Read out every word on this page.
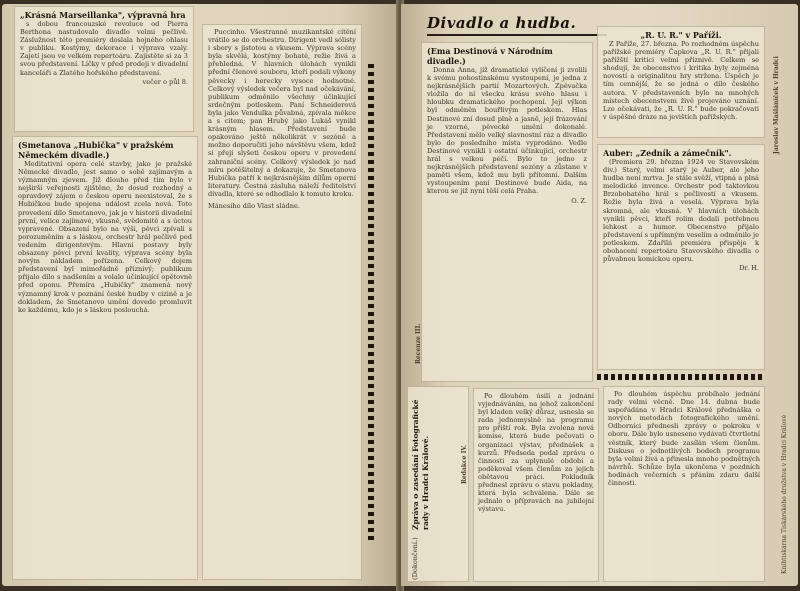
„Krásná Marseillanka", výpravná hra

s dobou francouzské revoluce od Pierra Berthona nastudovalo divadlo velmi pečlivě. Záslužnost této premiéry doslala hojného ohlasu v publiku. Kostýmy, dekorace i výprava vzaly. Zajetí jsou ve velkém repertoáru. Zajistěte si za 3 svou představení. Líčky v před prodeji v divadelní kanceláři a Zlatého hořského představení.

večer o půl 8.
(Smetanova „Hubička" v pražském Německém divadle.)

Meditativní opera celé stavby, jako je pražské Německé divadlo, jest samo o sobě zajímavým a významným zjevem. Již dlouho před tím bylo v nejširší veřejnosti zjištěno, že dosud rozhodný a opravdový zájem o českou operu neexistoval, že s Hubičkou bude spojena událost zcela nová. Toto provedení dílo Smetanovo, jak je v historii divadelní první, velice zajímavé, vkusně, svědomitě a s úctou vypravené. Obsazení bylo na výši, pěvci zpívali s porozuměním a s láskou, orchestr hrál pečlivě pod vedením dirigentovým. Hlavní postavy byly obsazeny pěvci první kvality, výprava scény byla novým nákladem pořízena. Celkový dojem představení byl mimořádně příznivý; publikum přijalo dílo s nadšením a volalo účinkující opětovně před oponu. Přemíra „Hubičky" znamená nový významný krok v poznání české hudby v cizině a je dokladem, že Smetanovo umění dovede promluvit ke každému, kdo je s láskou poslouchá.

Puccinho. Všestranně muzikantské cítění vrátilo se do orchestru. Dirigent vedl sólisty i sbory s jistotou a vkusem. Výprava scény byla skvělá, kostýmy bohaté, režie živá a přehledná. V hlavních úlohách vynikli přední členové souboru, kteří podali výkony pěvecky i herecky vysoce hodnotné. Celkový výsledek večera byl nad očekávání, publikum odměnilo všechny účinkující srdečným potleskem. Paní Schneiderová byla jako Vendulka půvabná, zpívala měkce a s citem; pan Hrubý jako Lukáš vynikl krásným hlasem. Představení bude opakováno ještě několikrát v sezóně a možno doporučiti jeho návštěvu všem, kdož si přejí slyšeti českou operu v provedení zahraniční scény. Celkový výsledek je nad míru potěšitelný a dokazuje, že Smetanova Hubička patří k nejkrásnějším dílům operní literatury. Čestná zásluha náleží ředitelství divadla, které se odhodlalo k tomuto kroku.

Mánesiho dílo Vlast sládne.
Divadlo a hudba.
(Ema Destinová v Národním divadle.)

Donna Anna, jíž dramatické vylíčení ji zvolili k svému pohostinskému vystoupení, je jedna z nejkrásnějších partií Mozartových. Zpěvačka vložila do ní všecku krásu svého hlasu i hloubku dramatického pochopení. Její výkon byl odměněn bouřlivým potleskem. Hlas Destinové zní dosud plně a jasně, její frázování je vzorné, pěvecké umění dokonalé. Představení mělo velký slavnostní ráz a divadlo bylo do posledního místa vyprodáno. Vedle Destinové vynikli i ostatní účinkující, orchestr hrál s velkou péčí. Bylo to jedno z nejkrásnějších představení sezóny a zůstane v paměti všem, kdož mu byli přítomni. Dalším vystoupením paní Destinové bude Aida, na kterou se již nyní těší celá Praha.

O. Z.
„R. U. R." v Paříži.

Z Paříže, 27. března. Po rozhodném úspěchu pařížské premiéry Čapkova „R. U. R." přijali pařížští kritici velmi příznivě. Celkem se shodují, že obecenstvo i kritika byly zejména novostí a originalitou hry stržena. Úspěch je tím cennější, že se jedná o dílo českého autora. V představeních bylo na mnohých místech obecenstvem živě projeváno uznání. Lze očekávati, že „R. U. R." bude pokračovati v úspěšné dráze na jevištích pařížských.

Auber: „Zedník a zámečník".

(Premiera 29. března 1924 ve Stavovském div.) Starý, velmi starý je Auber, ale jeho hudba není mrtva. Je stále svěží, vtipná a plná melodické invence. Orchestr pod taktovkou Brzobohatého hrál s pečlivostí a vkusem. Režie byla živá a veselá. Výprava byla skromná, ale vkusná. V hlavních úlohách vynikli pěvci, kteří rolím dodali potřebnou lehkost a humor. Obecenstvo přijalo představení s upřímným veselím a odměnilo je potleskem. Zdařilá premiéra přispěje k obohacení repertoáru Stavovského divadla o půvabnou komickou operu.

Dr. H.
Zpráva o zasedání Fotografické rady v Hradci Králové.
(Dokončení.)

Po dlouhém úsilí a jednání vyjednáváním, na jehož zakončení byl kladen velký důraz, usnesla se rada jednomyslně na programu pro příští rok. Byla zvolena nová komise, která bude pečovati o organizaci výstav, přednášek a kurzů. Předseda podal zprávu o činnosti za uplynulé období a poděkoval všem členům za jejich obětavou práci. Pokladník přednesl zprávu o stavu pokladny, která byla schválena. Dále se jednalo o přípravách na jubilejní výstavu.

Po dlouhém úspěchu probíhalo jednání rady velmi věcně. Dne 14. dubna bude uspořádána v Hradci Králové přednáška o nových metodách fotografického umění. Odborníci přednesli zprávy o pokroku v oboru. Dále bylo usneseno vydávati čtvrtletní věstník, který bude zasílán všem členům. Diskuse o jednotlivých bodech programu byla velmi živá a přinesla mnoho podnětných návrhů. Schůze byla ukončena v pozdních hodinách večerních s přáním zdaru další činnosti.

Redakce IV.
Recenze III.
Jaroslav Mašláníček v Hradci
Knihtiskárna Tiskárského družstva v Hradci Králové
